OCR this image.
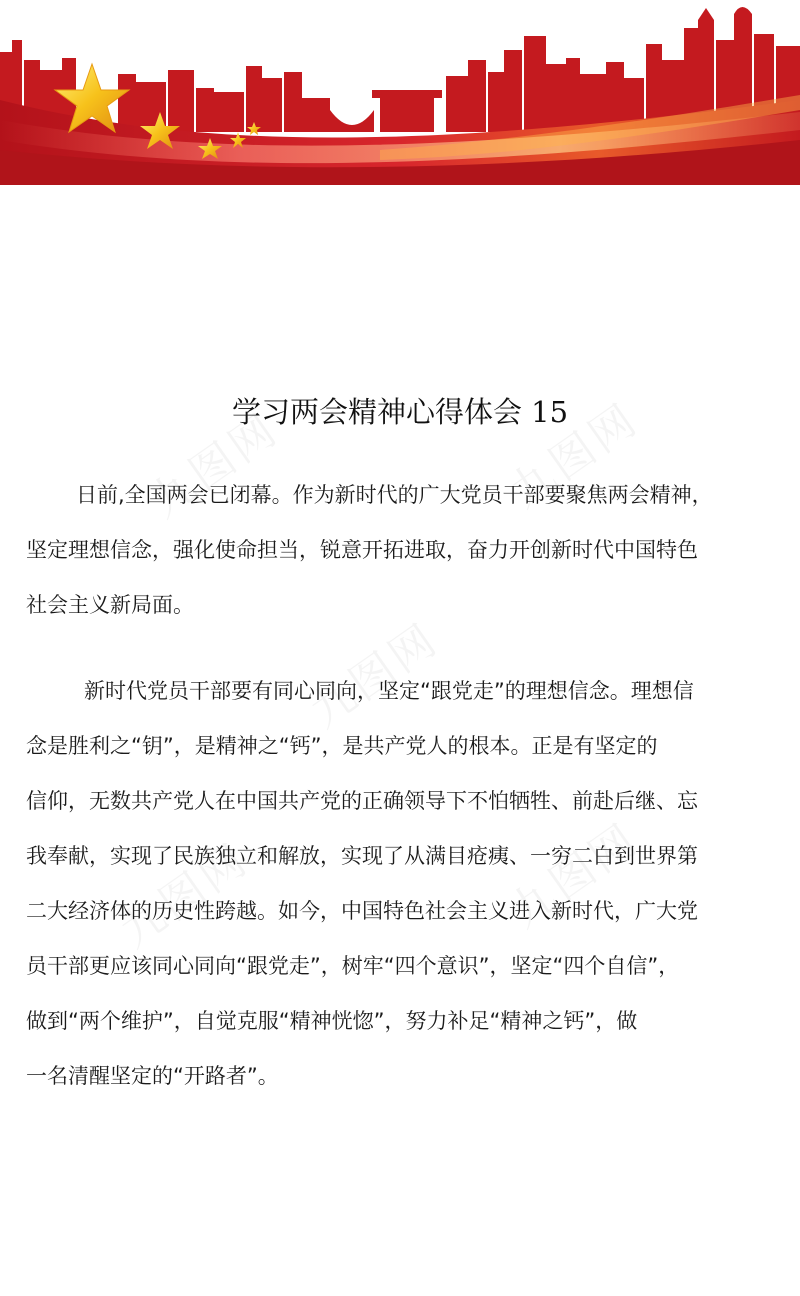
学习两会精神心得体会 15
日前,全国两会已闭幕。作为新时代的广大党员干部要聚焦两会精神，
坚定理想信念，强化使命担当，锐意开拓进取，奋力开创新时代中国特色
社会主义新局面。
新时代党员干部要有同心同向，坚定“跟党走”的理想信念。理想信
念是胜利之“钥”，是精神之“钙”，是共产党人的根本。正是有坚定的
信仰，无数共产党人在中国共产党的正确领导下不怕牺牲、前赴后继、忘
我奉献，实现了民族独立和解放，实现了从满目疮痍、一穷二白到世界第
二大经济体的历史性跨越。如今，中国特色社会主义进入新时代，广大党
员干部更应该同心同向“跟党走”，树牢“四个意识”，坚定“四个自信”，
做到“两个维护”，自觉克服“精神恍惚”，努力补足“精神之钙”，做
一名清醒坚定的“开路者”。
